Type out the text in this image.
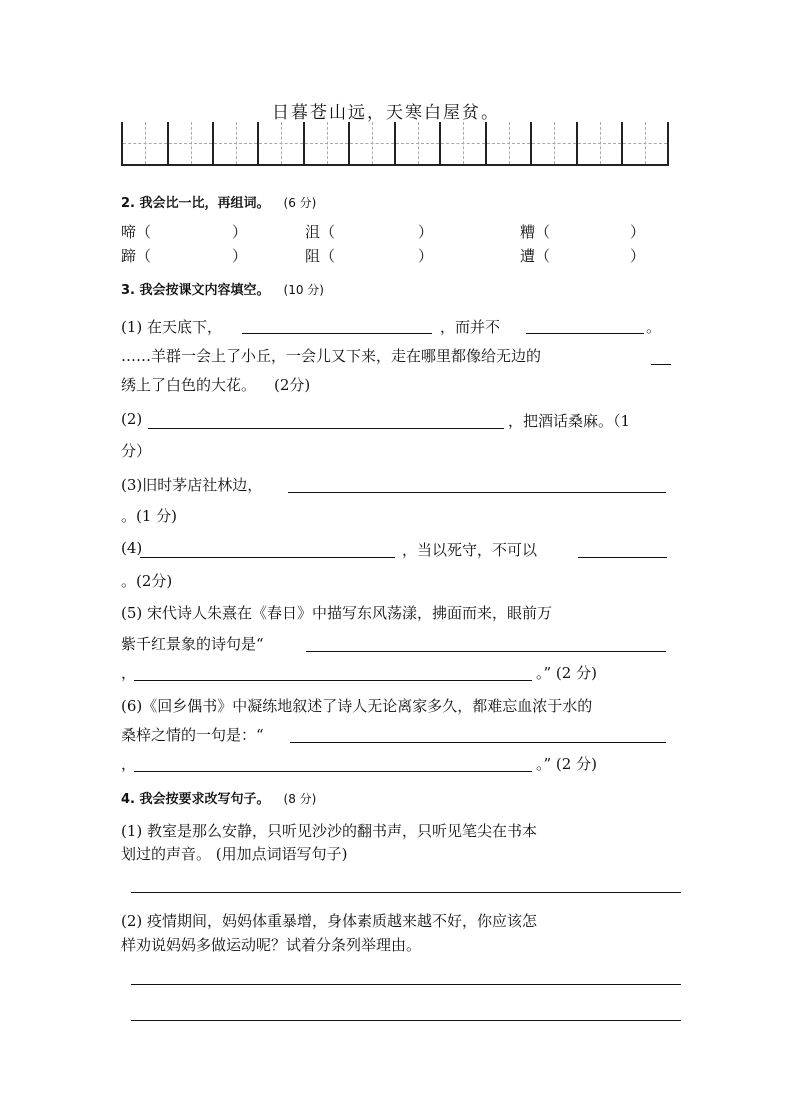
日暮苍山远，天寒白屋贫。
2. 我会比一比，再组词。 (6 分)
啼（	）	沮（	）	糟（	）
蹄（	）	阻（	）	遭（	）
3. 我会按课文内容填空。 (10 分)
(1) 在天底下，	，而并不	。
……羊群一会上了小丘，一会儿又下来，走在哪里都像给无边的
绣上了白色的大花。 (2分)
(2)	，把酒话桑麻。（1
分）
(3)旧时茅店社林边，
。(1 分)
(4)	，当以死守，不可以
。(2分)
(5) 宋代诗人朱熹在《春日》中描写东风荡漾，拂面而来，眼前万
紫千红景象的诗句是“
，	。” (2 分)
(6)《回乡偶书》中凝练地叙述了诗人无论离家多久，都难忘血浓于水的
桑梓之情的一句是：“
，	。” (2 分)
4. 我会按要求改写句子。 (8 分)
(1) 教室是那么安静，只听见沙沙的翻书声，只听见笔尖在书本
划过的声音。 (用加点词语写句子)
(2) 疫情期间，妈妈体重暴增，身体素质越来越不好，你应该怎
样劝说妈妈多做运动呢？试着分条列举理由。
